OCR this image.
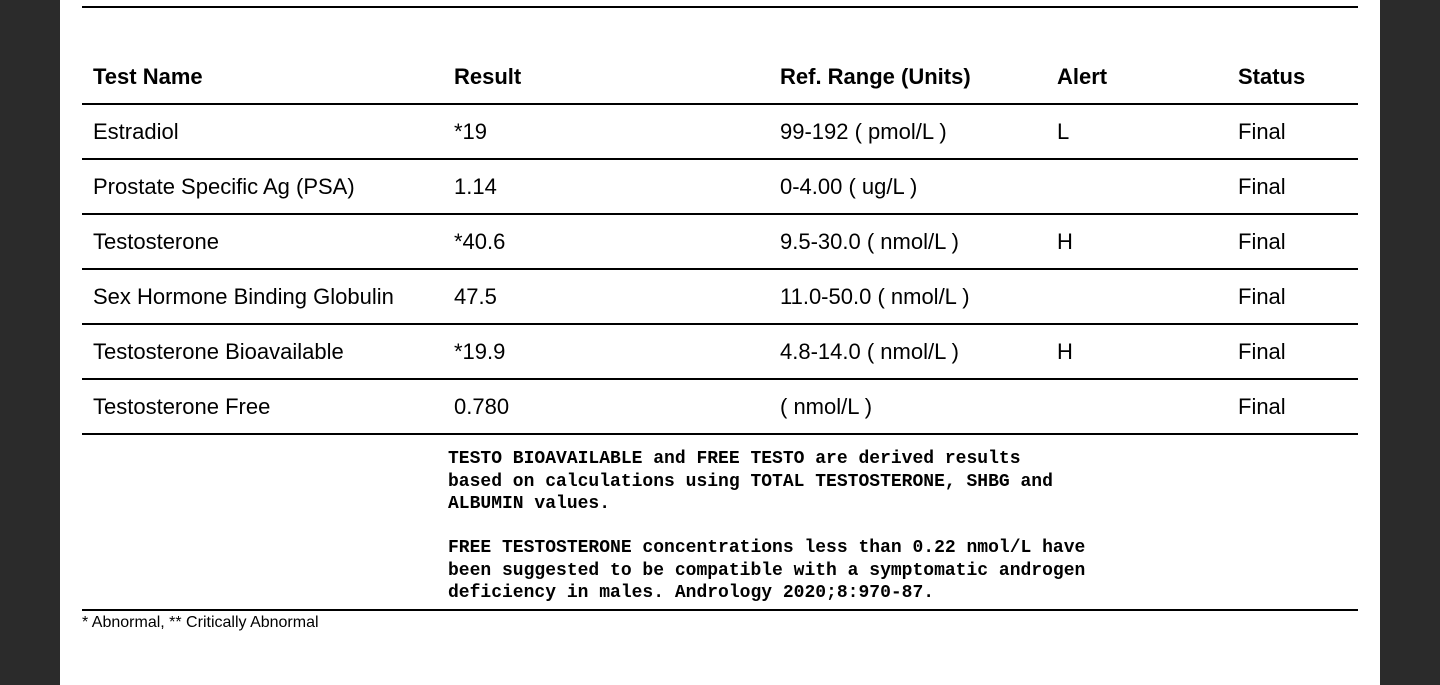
Test Name	Result	Ref. Range (Units)	Alert	Status
Estradiol	*19	99-192 ( pmol/L )	L	Final
Prostate Specific Ag (PSA)	1.14	0-4.00 ( ug/L )		Final
Testosterone	*40.6	9.5-30.0 ( nmol/L )	H	Final
Sex Hormone Binding Globulin	47.5	11.0-50.0 ( nmol/L )		Final
Testosterone Bioavailable	*19.9	4.8-14.0 ( nmol/L )	H	Final
Testosterone Free	0.780	( nmol/L )		Final
TESTO BIOAVAILABLE and FREE TESTO are derived results
based on calculations using TOTAL TESTOSTERONE, SHBG and
ALBUMIN values.
FREE TESTOSTERONE concentrations less than 0.22 nmol/L have
been suggested to be compatible with a symptomatic androgen
deficiency in males. Andrology 2020;8:970-87.
* Abnormal, ** Critically Abnormal
